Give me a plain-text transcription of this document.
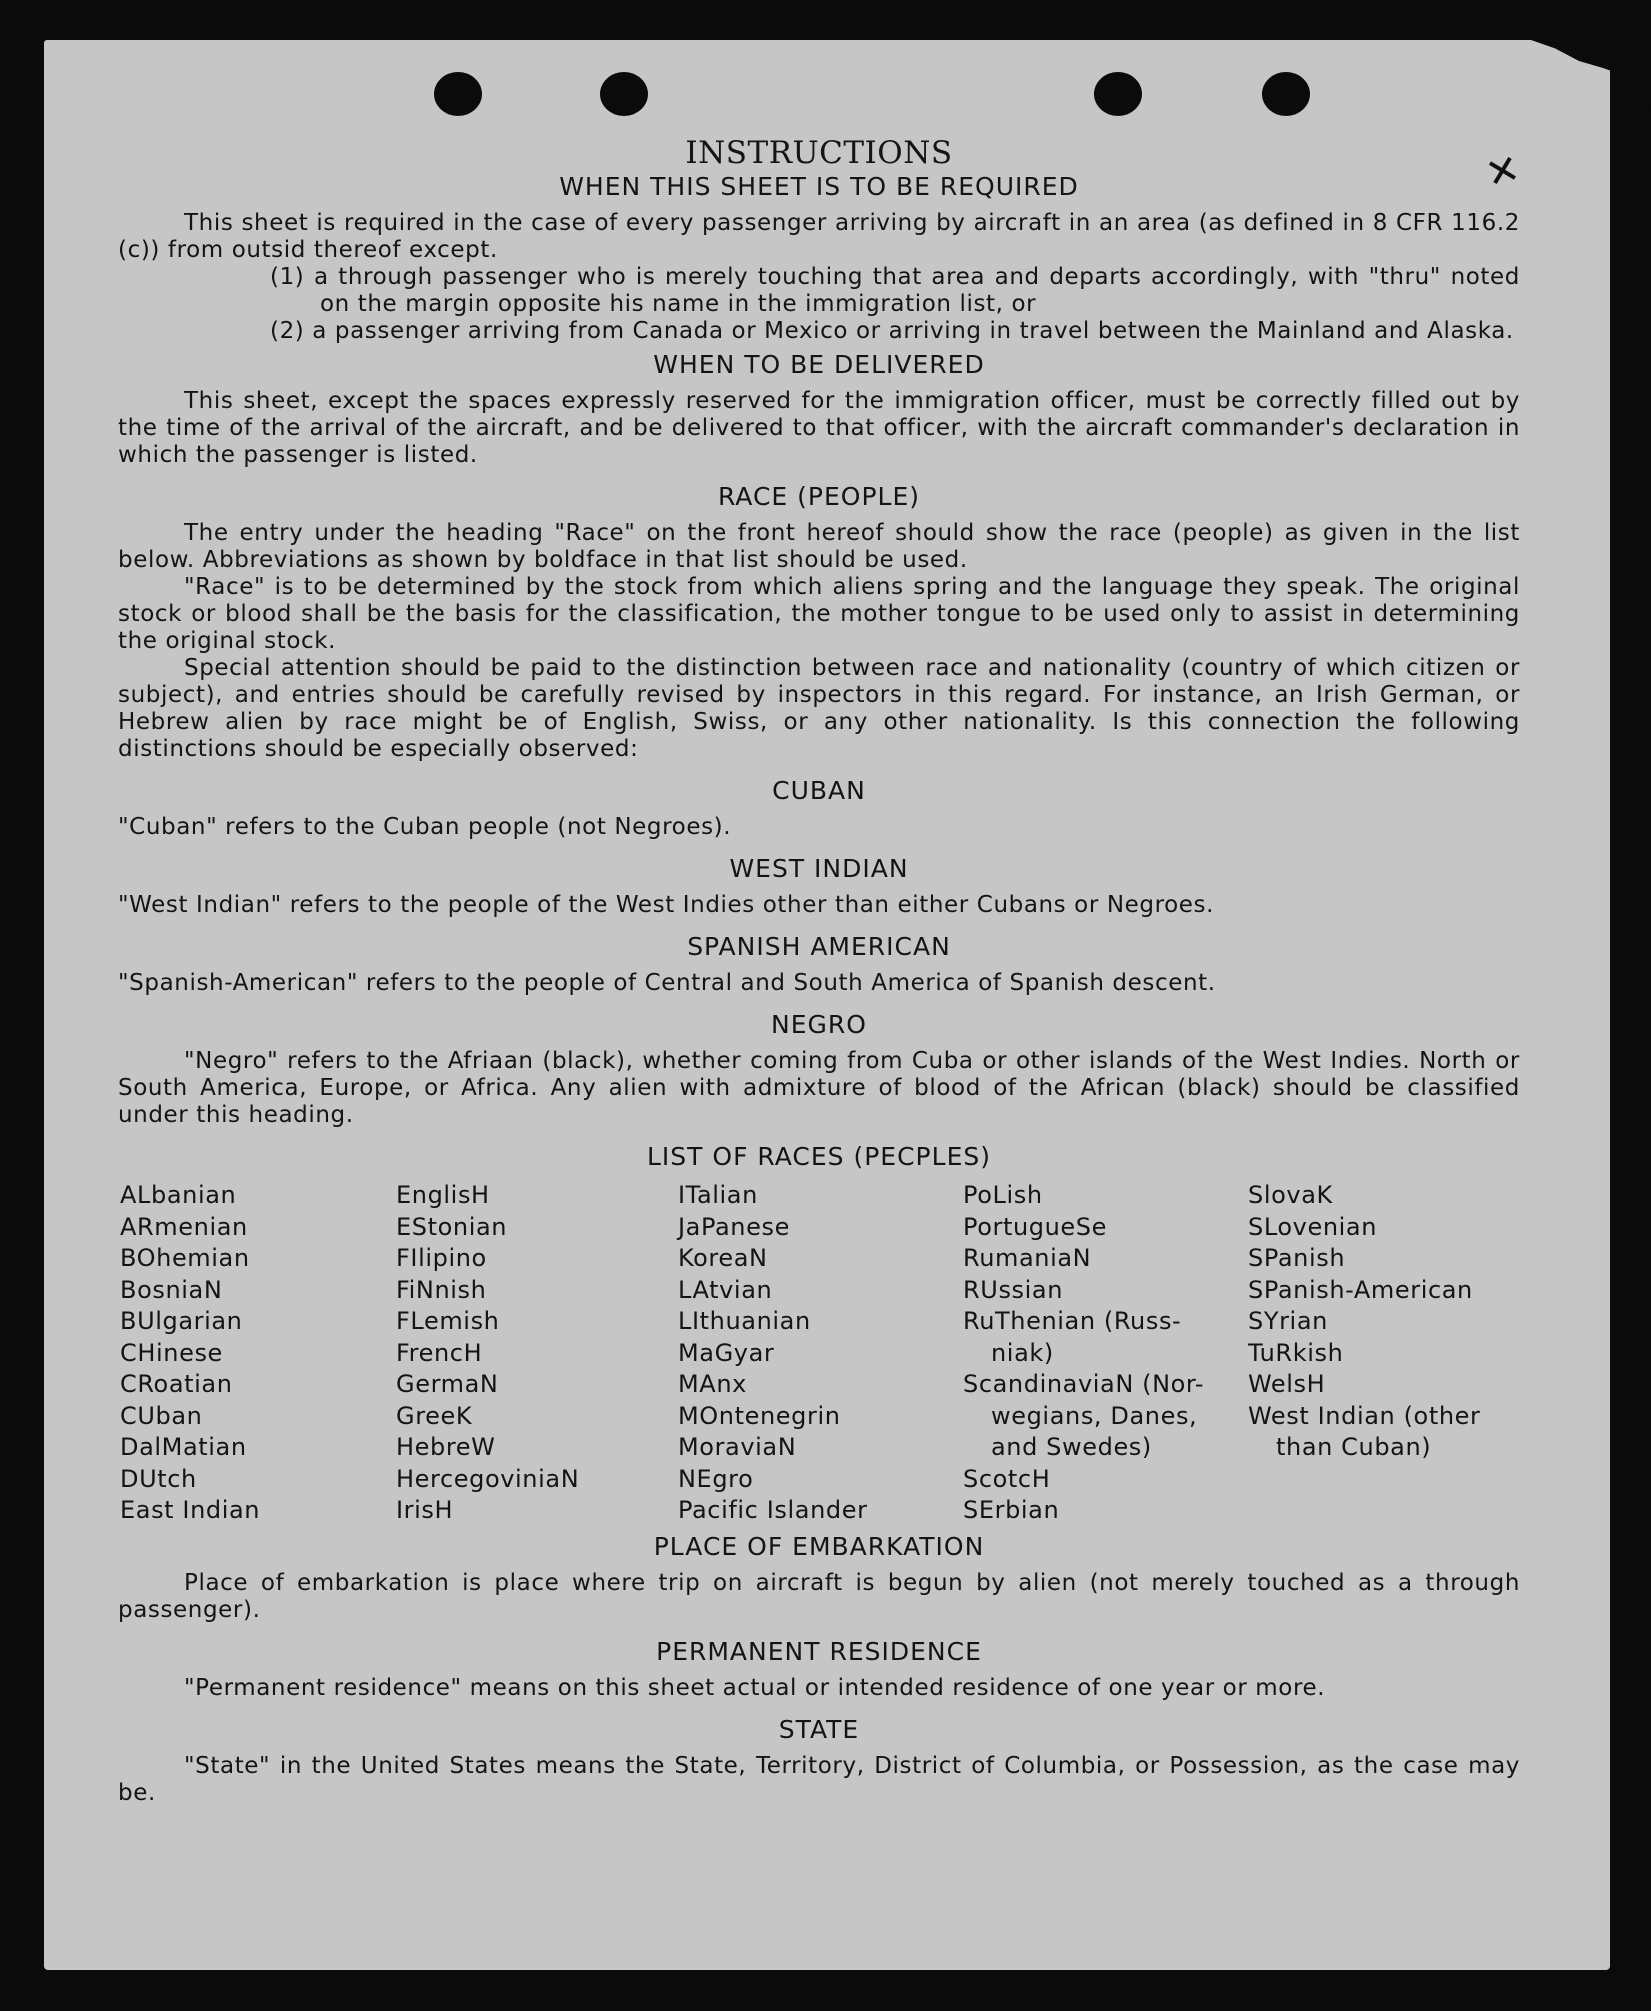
✕
INSTRUCTIONS
WHEN THIS SHEET IS TO BE REQUIRED

This sheet is required in the case of every passenger arriving by aircraft in an area (as defined in 8 CFR 116.2 (c)) from outsid thereof except.

(1) a through passenger who is merely touching that area and departs accordingly, with "thru" noted on the margin opposite his name in the immigration list, or

(2) a passenger arriving from Canada or Mexico or arriving in travel between the Mainland and Alaska.

WHEN TO BE DELIVERED

This sheet, except the spaces expressly reserved for the immigration officer, must be correctly filled out by the time of the arrival of the aircraft, and be delivered to that officer, with the aircraft commander's declaration in which the passenger is listed.

RACE (PEOPLE)

The entry under the heading "Race" on the front hereof should show the race (people) as given in the list below. Abbreviations as shown by boldface in that list should be used.

"Race" is to be determined by the stock from which aliens spring and the language they speak. The original stock or blood shall be the basis for the classification, the mother tongue to be used only to assist in determining the original stock.

Special attention should be paid to the distinction between race and nationality (country of which citizen or subject), and entries should be carefully revised by inspectors in this regard. For instance, an Irish German, or Hebrew alien by race might be of English, Swiss, or any other nationality. Is this connection the following distinctions should be especially observed:

CUBAN

"Cuban" refers to the Cuban people (not Negroes).

WEST INDIAN

"West Indian" refers to the people of the West Indies other than either Cubans or Negroes.

SPANISH AMERICAN

"Spanish-American" refers to the people of Central and South America of Spanish descent.

NEGRO

"Negro" refers to the Afriaan (black), whether coming from Cuba or other islands of the West Indies. North or South America, Europe, or Africa. Any alien with admixture of blood of the African (black) should be classified under this heading.

LIST OF RACES (PECPLES)
ALbanian
ARmenian
BOhemian
BosniaN
BUlgarian
CHinese
CRoatian
CUban
DalMatian
DUtch
East Indian
EnglisH
EStonian
FIlipino
FiNnish
FLemish
FrencH
GermaN
GreeK
HebreW
HercegoviniaN
IrisH
ITalian
JaPanese
KoreaN
LAtvian
LIthuanian
MaGyar
MAnx
MOntenegrin
MoraviaN
NEgro
Pacific Islander
PoLish
PortugueSe
RumaniaN
RUssian
RuThenian (Russ-
niak)
ScandinaviaN (Nor-
wegians, Danes,
and Swedes)
ScotcH
SErbian
SlovaK
SLovenian
SPanish
SPanish-American
SYrian
TuRkish
WelsH
West Indian (other
than Cuban)
PLACE OF EMBARKATION

Place of embarkation is place where trip on aircraft is begun by alien (not merely touched as a through passenger).

PERMANENT RESIDENCE

"Permanent residence" means on this sheet actual or intended residence of one year or more.

STATE

"State" in the United States means the State, Territory, District of Columbia, or Possession, as the case may be.
